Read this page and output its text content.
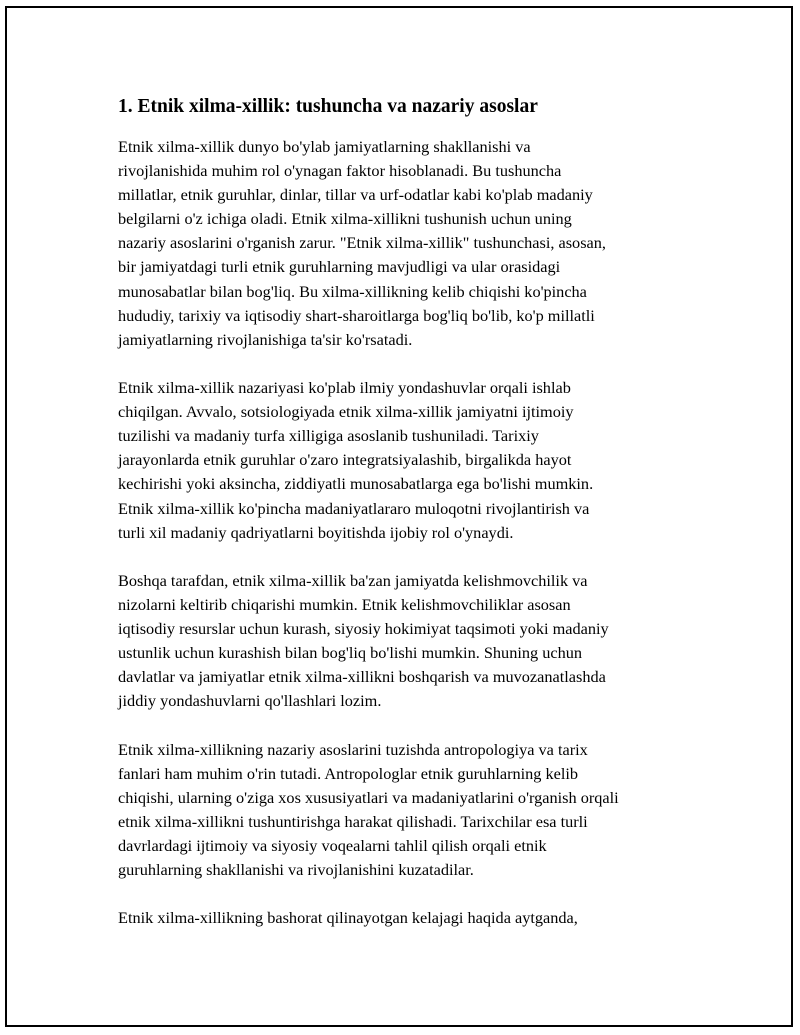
1. Etnik xilma-xillik: tushuncha va nazariy asoslar
Etnik xilma-xillik dunyo bo'ylab jamiyatlarning shakllanishi va
rivojlanishida muhim rol o'ynagan faktor hisoblanadi. Bu tushuncha
millatlar, etnik guruhlar, dinlar, tillar va urf-odatlar kabi ko'plab madaniy
belgilarni o'z ichiga oladi. Etnik xilma-xillikni tushunish uchun uning
nazariy asoslarini o'rganish zarur. "Etnik xilma-xillik" tushunchasi, asosan,
bir jamiyatdagi turli etnik guruhlarning mavjudligi va ular orasidagi
munosabatlar bilan bog'liq. Bu xilma-xillikning kelib chiqishi ko'pincha
hududiy, tarixiy va iqtisodiy shart-sharoitlarga bog'liq bo'lib, ko'p millatli
jamiyatlarning rivojlanishiga ta'sir ko'rsatadi.
Etnik xilma-xillik nazariyasi ko'plab ilmiy yondashuvlar orqali ishlab
chiqilgan. Avvalo, sotsiologiyada etnik xilma-xillik jamiyatni ijtimoiy
tuzilishi va madaniy turfa xilligiga asoslanib tushuniladi. Tarixiy
jarayonlarda etnik guruhlar o'zaro integratsiyalashib, birgalikda hayot
kechirishi yoki aksincha, ziddiyatli munosabatlarga ega bo'lishi mumkin.
Etnik xilma-xillik ko'pincha madaniyatlararo muloqotni rivojlantirish va
turli xil madaniy qadriyatlarni boyitishda ijobiy rol o'ynaydi.
Boshqa tarafdan, etnik xilma-xillik ba'zan jamiyatda kelishmovchilik va
nizolarni keltirib chiqarishi mumkin. Etnik kelishmovchiliklar asosan
iqtisodiy resurslar uchun kurash, siyosiy hokimiyat taqsimoti yoki madaniy
ustunlik uchun kurashish bilan bog'liq bo'lishi mumkin. Shuning uchun
davlatlar va jamiyatlar etnik xilma-xillikni boshqarish va muvozanatlashda
jiddiy yondashuvlarni qo'llashlari lozim.
Etnik xilma-xillikning nazariy asoslarini tuzishda antropologiya va tarix
fanlari ham muhim o'rin tutadi. Antropologlar etnik guruhlarning kelib
chiqishi, ularning o'ziga xos xususiyatlari va madaniyatlarini o'rganish orqali
etnik xilma-xillikni tushuntirishga harakat qilishadi. Tarixchilar esa turli
davrlardagi ijtimoiy va siyosiy voqealarni tahlil qilish orqali etnik
guruhlarning shakllanishi va rivojlanishini kuzatadilar.
Etnik xilma-xillikning bashorat qilinayotgan kelajagi haqida aytganda,
